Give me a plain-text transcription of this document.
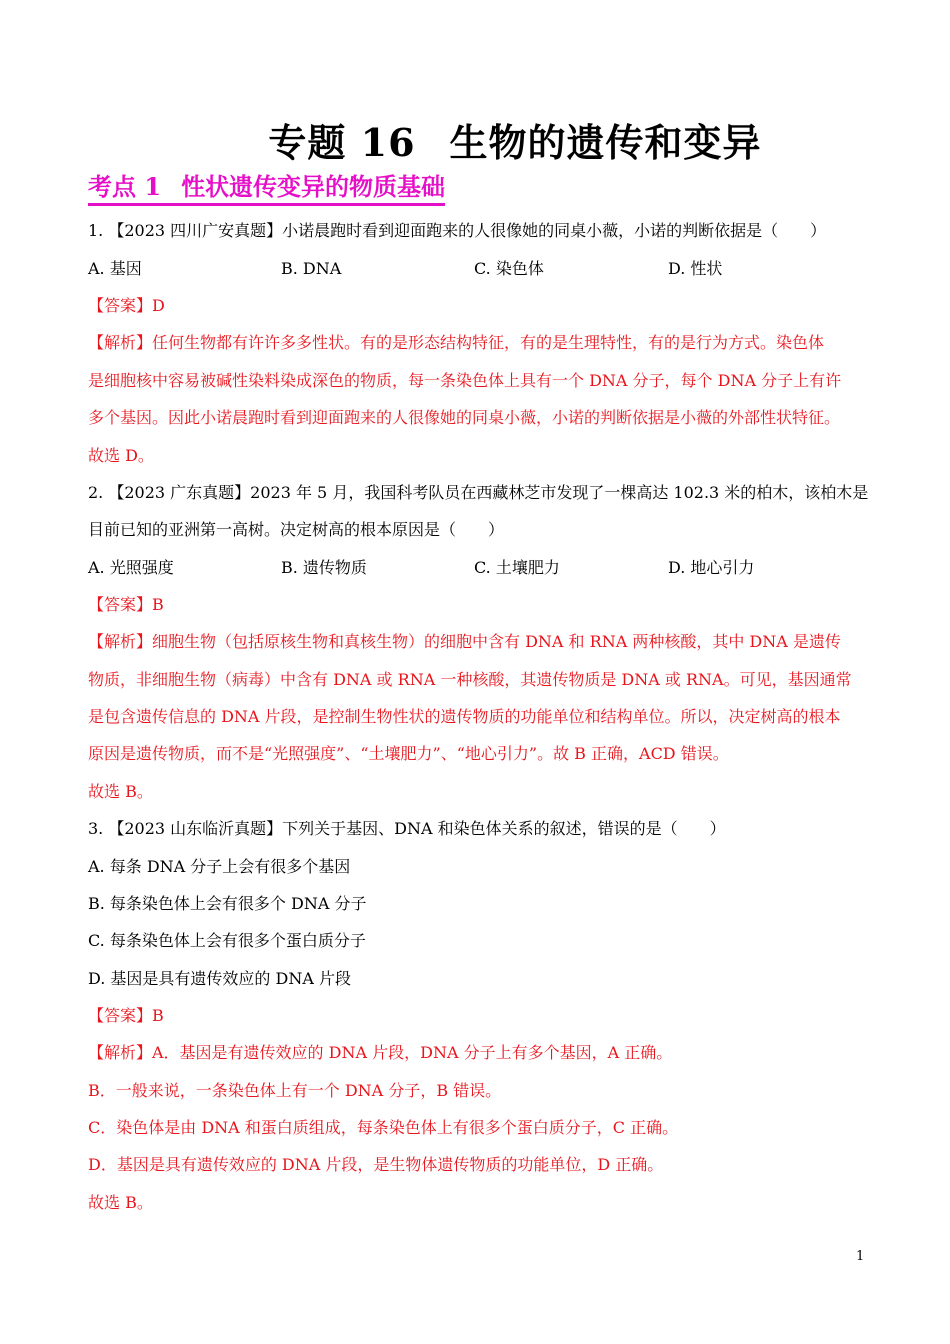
专题 16 生物的遗传和变异
考点 1 性状遗传变异的物质基础
1. 【2023 四川广安真题】小诺晨跑时看到迎面跑来的人很像她的同桌小薇，小诺的判断依据是（　　）
A. 基因	B. DNA	C. 染色体	D. 性状
【答案】D
【解析】任何生物都有许许多多性状。有的是形态结构特征，有的是生理特性，有的是行为方式。染色体
是细胞核中容易被碱性染料染成深色的物质，每一条染色体上具有一个 DNA 分子，每个 DNA 分子上有许
多个基因。因此小诺晨跑时看到迎面跑来的人很像她的同桌小薇，小诺的判断依据是小薇的外部性状特征。
故选 D。
2. 【2023 广东真题】2023 年 5 月，我国科考队员在西藏林芝市发现了一棵高达 102.3 米的柏木，该柏木是
目前已知的亚洲第一高树。决定树高的根本原因是（　　）
A. 光照强度	B. 遗传物质	C. 土壤肥力	D. 地心引力
【答案】B
【解析】细胞生物（包括原核生物和真核生物）的细胞中含有 DNA 和 RNA 两种核酸，其中 DNA 是遗传
物质，非细胞生物（病毒）中含有 DNA 或 RNA 一种核酸，其遗传物质是 DNA 或 RNA。可见，基因通常
是包含遗传信息的 DNA 片段，是控制生物性状的遗传物质的功能单位和结构单位。所以，决定树高的根本
原因是遗传物质，而不是“光照强度”、“土壤肥力”、“地心引力”。故 B 正确，ACD 错误。
故选 B。
3. 【2023 山东临沂真题】下列关于基因、DNA 和染色体关系的叙述，错误的是（　　）
A. 每条 DNA 分子上会有很多个基因
B. 每条染色体上会有很多个 DNA 分子
C. 每条染色体上会有很多个蛋白质分子
D. 基因是具有遗传效应的 DNA 片段
【答案】B
【解析】A．基因是有遗传效应的 DNA 片段，DNA 分子上有多个基因，A 正确。
B．一般来说，一条染色体上有一个 DNA 分子，B 错误。
C．染色体是由 DNA 和蛋白质组成，每条染色体上有很多个蛋白质分子，C 正确。
D．基因是具有遗传效应的 DNA 片段，是生物体遗传物质的功能单位，D 正确。
故选 B。
1
